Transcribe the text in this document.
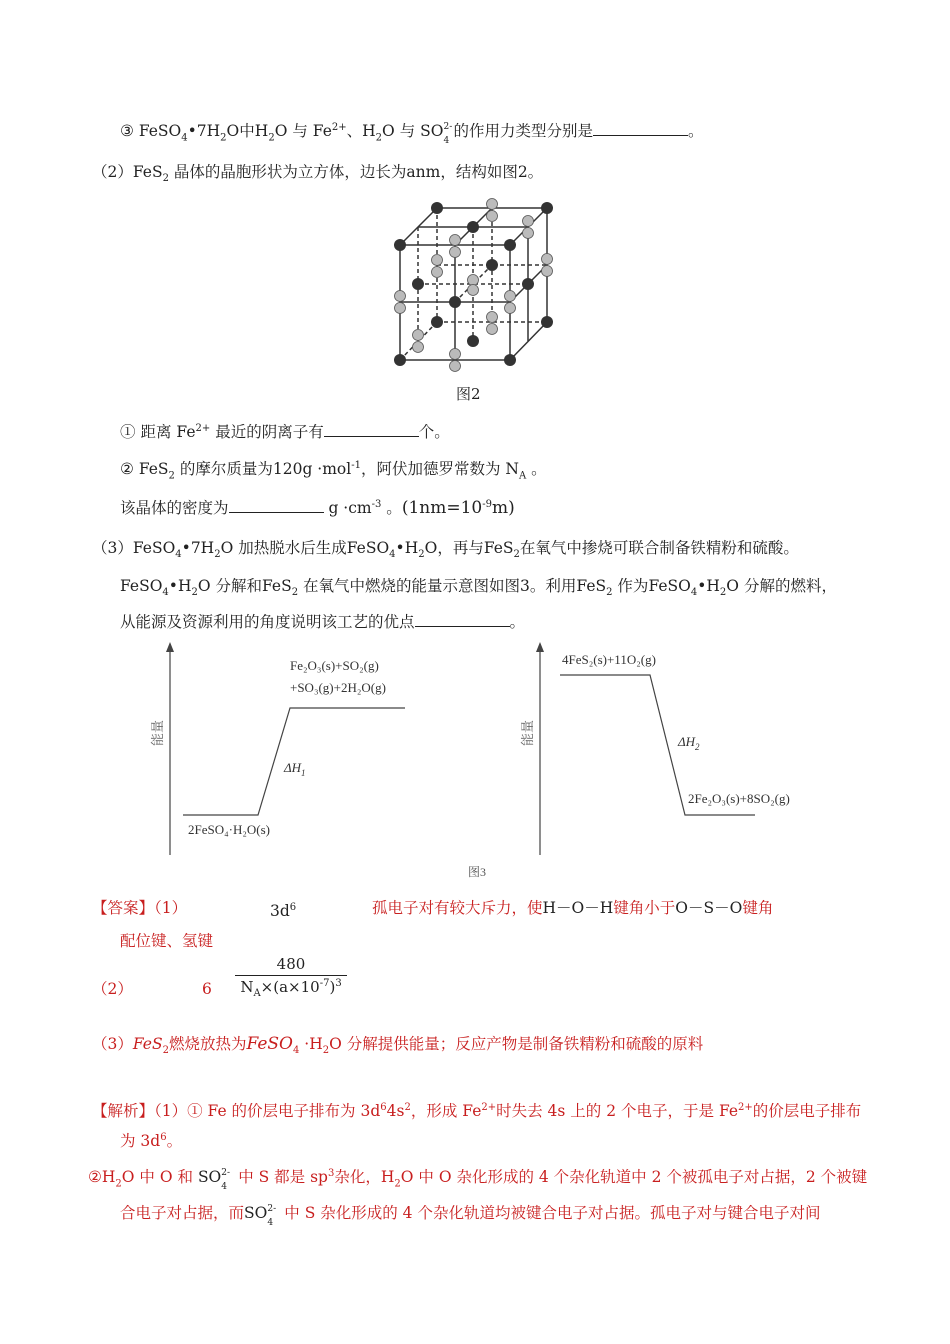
③ $FeSO_4•7H_2O$中$H_2O$ 与 $Fe^{2+}$、$H_2O$ 与 SO 2-
4
的作用力类型分别是	。
（2）FeS$_2$ 晶体的晶胞形状为立方体，边长为anm，结构如图2。
图2
① 距离 $Fe^{2+}$ 最近的阴离子有	个。
② FeS$_2$ 的摩尔质量为120g ·mol$^{-1}$，阿伏加德罗常数为 $N_A$ 。
该晶体的密度为	$g \cdot cm^{-3}$ 。$(1nm=10^{-9}m)$
$(3)FeSO_4•7H_2O$ 加热脱水后生成$FeSO_4•H_2O$，再与FeS$_2$在氧气中掺烧可联合制备铁精粉和硫酸。
$FeSO_4•H_2O$ 分解和FeS$_2$ 在氧气中燃烧的能量示意图如图3。利用FeS$_2$ 作为$FeSO_4•H_2O$ 分解的燃料，
从能源及资源利用的角度说明该工艺的优点	。
能量	能量
Fe₂O₃(s)+SO₂(g)
+SO₃(g)+2H₂O(g)
$\Delta H_1$
2FeSO₄·H₂O(s)
4FeS₂(s)+11O₂(g)
$\Delta H_2$
2Fe₂O₃(s)+8SO₂(g)
图3
【答案】（1）	$3d^6$	孤电子对有较大斥力，使H－O－H键角小于O－S－O键角
配位键、氢键
（2）	$6 \frac{480}{N_A\times(a\times 10^{-7})^3}$
（3）FeS$_2$燃烧放热为FeSO$_4$ $\cdot H_2O$ 分解提供能量；反应产物是制备铁精粉和硫酸的原料
【解析】（1）① Fe 的价层电子排布为 $3d^64s^2$，形成 $Fe^{2+}$时失去 4s 上的 2 个电子，于是 $Fe^{2+}$的价层电子排布
为 $3d^6$。
$②H_2O$ 中 O 和 SO 2-
4
中 S 都是 $sp^3$杂化，$H_2O$ 中 O 杂化形成的 4 个杂化轨道中 2 个被孤电子对占据，2 个被键
合电子对占据，而SO 2-
4
中 S 杂化形成的 4 个杂化轨道均被键合电子对占据。孤电子对与键合电子对间
